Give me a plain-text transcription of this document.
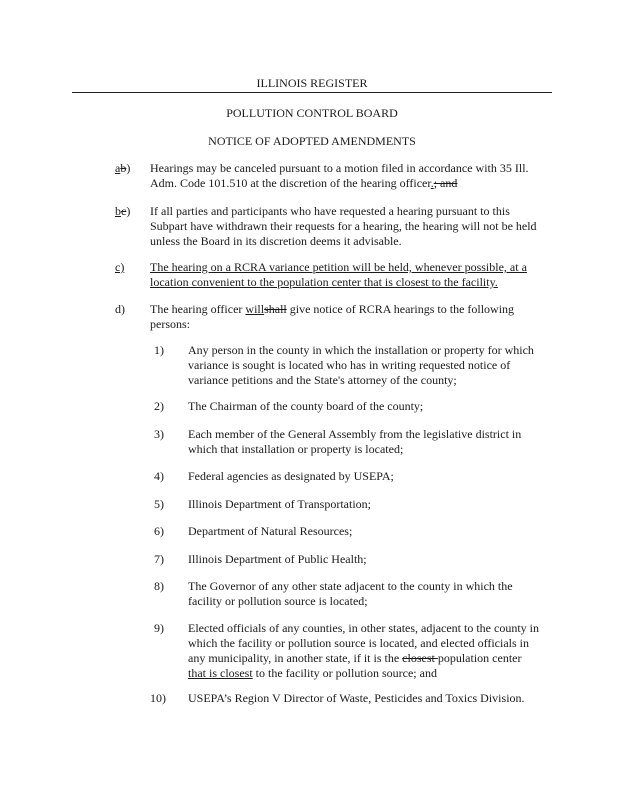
ILLINOIS REGISTER
POLLUTION CONTROL BOARD
NOTICE OF ADOPTED AMENDMENTS
ab) Hearings may be canceled pursuant to a motion filed in accordance with 35 Ill. Adm. Code 101.510 at the discretion of the hearing officer.; and
bc) If all parties and participants who have requested a hearing pursuant to this Subpart have withdrawn their requests for a hearing, the hearing will not be held unless the Board in its discretion deems it advisable.
c) The hearing on a RCRA variance petition will be held, whenever possible, at a location convenient to the population center that is closest to the facility.
d) The hearing officer willshall give notice of RCRA hearings to the following persons:
1) Any person in the county in which the installation or property for which variance is sought is located who has in writing requested notice of variance petitions and the State's attorney of the county;
2) The Chairman of the county board of the county;
3) Each member of the General Assembly from the legislative district in which that installation or property is located;
4) Federal agencies as designated by USEPA;
5) Illinois Department of Transportation;
6) Department of Natural Resources;
7) Illinois Department of Public Health;
8) The Governor of any other state adjacent to the county in which the facility or pollution source is located;
9) Elected officials of any counties, in other states, adjacent to the county in which the facility or pollution source is located, and elected officials in any municipality, in another state, if it is the closest population center that is closest to the facility or pollution source; and
10) USEPA’s Region V Director of Waste, Pesticides and Toxics Division.
